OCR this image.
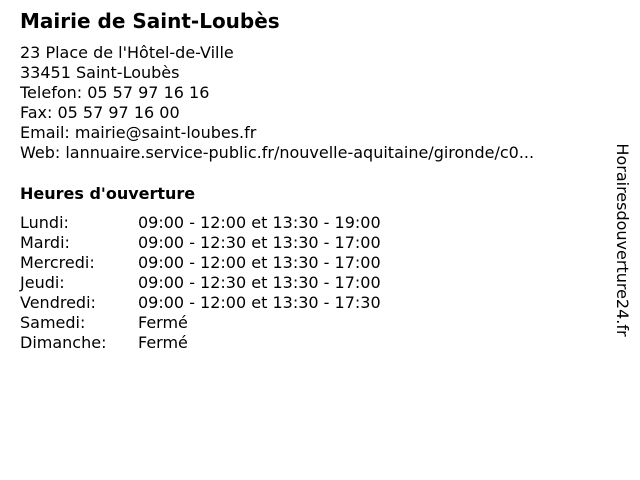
Mairie de Saint-Loubès
23 Place de l'Hôtel-de-Ville
33451 Saint-Loubès
Telefon: 05 57 97 16 16
Fax: 05 57 97 16 00
Email: mairie@saint-loubes.fr
Web: lannuaire.service-public.fr/nouvelle-aquitaine/gironde/c0...
Heures d'ouverture
Lundi:	09:00 - 12:00 et 13:30 - 19:00
Mardi:	09:00 - 12:30 et 13:30 - 17:00
Mercredi:	09:00 - 12:00 et 13:30 - 17:00
Jeudi:	09:00 - 12:30 et 13:30 - 17:00
Vendredi:	09:00 - 12:00 et 13:30 - 17:30
Samedi:	Fermé
Dimanche: Fermé
Horairesdouverture24.fr
